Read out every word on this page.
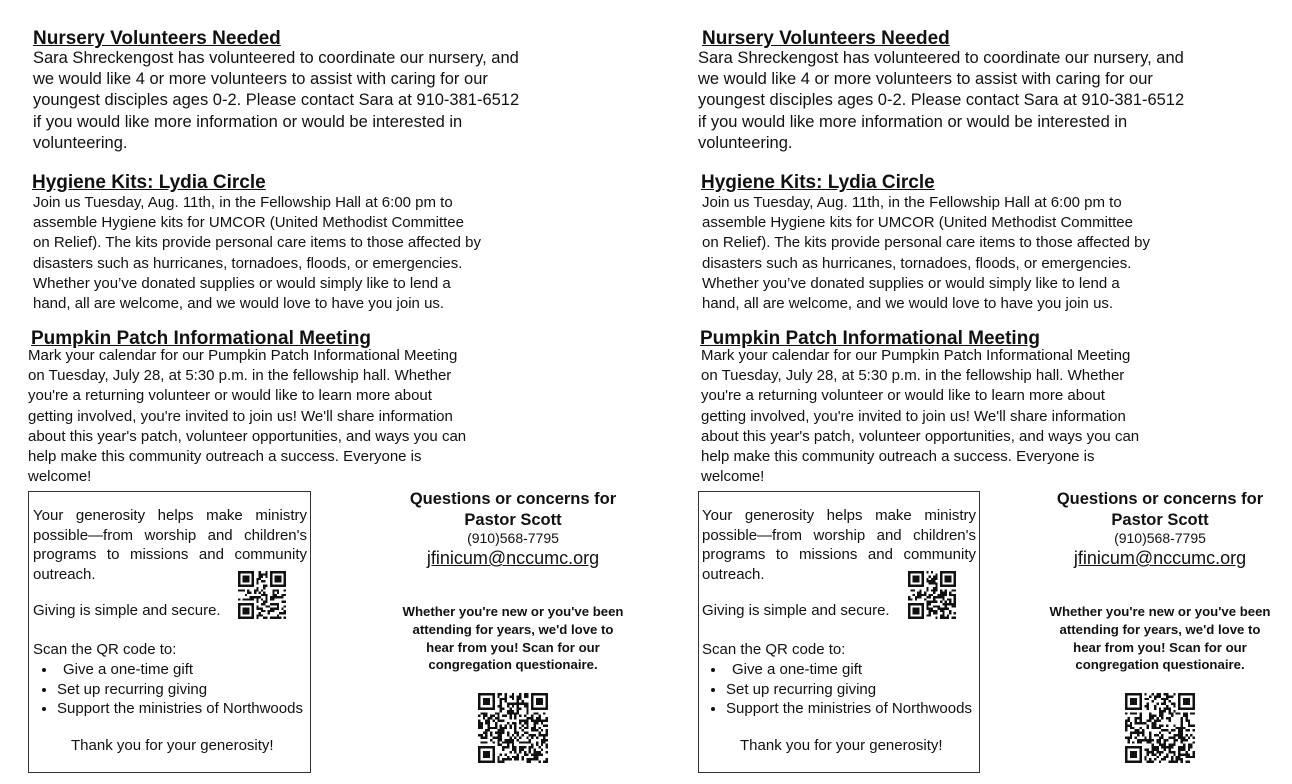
Nursery Volunteers Needed
Sara Shreckengost has volunteered to coordinate our nursery, and
we would like 4 or more volunteers to assist with caring for our
youngest disciples ages 0-2. Please contact Sara at 910-381-6512
if you would like more information or would be interested in
volunteering.
Hygiene Kits: Lydia Circle
Join us Tuesday, Aug. 11th, in the Fellowship Hall at 6:00 pm to
assemble Hygiene kits for UMCOR (United Methodist Committee
on Relief). The kits provide personal care items to those affected by
disasters such as hurricanes, tornadoes, floods, or emergencies.
Whether you’ve donated supplies or would simply like to lend a
hand, all are welcome, and we would love to have you join us.
Pumpkin Patch Informational Meeting
Mark your calendar for our Pumpkin Patch Informational Meeting
on Tuesday, July 28, at 5:30 p.m. in the fellowship hall. Whether
you're a returning volunteer or would like to learn more about
getting involved, you're invited to join us! We'll share information
about this year's patch, volunteer opportunities, and ways you can
help make this community outreach a success. Everyone is
welcome!
Your generosity helps make ministry
possible—from worship and children's
programs to missions and community
outreach.
Giving is simple and secure.
Scan the QR code to:
• Give a one-time gift
• Set up recurring giving
• Support the ministries of Northwoods
Thank you for your generosity!
Questions or concerns for
Pastor Scott
(910)568-7795
jfinicum@nccumc.org
Whether you're new or you've been
attending for years, we'd love to
hear from you! Scan for our
congregation questionaire.
Nursery Volunteers Needed
Sara Shreckengost has volunteered to coordinate our nursery, and
we would like 4 or more volunteers to assist with caring for our
youngest disciples ages 0-2. Please contact Sara at 910-381-6512
if you would like more information or would be interested in
volunteering.
Hygiene Kits: Lydia Circle
Join us Tuesday, Aug. 11th, in the Fellowship Hall at 6:00 pm to
assemble Hygiene kits for UMCOR (United Methodist Committee
on Relief). The kits provide personal care items to those affected by
disasters such as hurricanes, tornadoes, floods, or emergencies.
Whether you’ve donated supplies or would simply like to lend a
hand, all are welcome, and we would love to have you join us.
Pumpkin Patch Informational Meeting
Mark your calendar for our Pumpkin Patch Informational Meeting
on Tuesday, July 28, at 5:30 p.m. in the fellowship hall. Whether
you're a returning volunteer or would like to learn more about
getting involved, you're invited to join us! We'll share information
about this year's patch, volunteer opportunities, and ways you can
help make this community outreach a success. Everyone is
welcome!
Your generosity helps make ministry
possible—from worship and children's
programs to missions and community
outreach.
Giving is simple and secure.
Scan the QR code to:
• Give a one-time gift
• Set up recurring giving
• Support the ministries of Northwoods
Thank you for your generosity!
Questions or concerns for
Pastor Scott
(910)568-7795
jfinicum@nccumc.org
Whether you're new or you've been
attending for years, we'd love to
hear from you! Scan for our
congregation questionaire.
